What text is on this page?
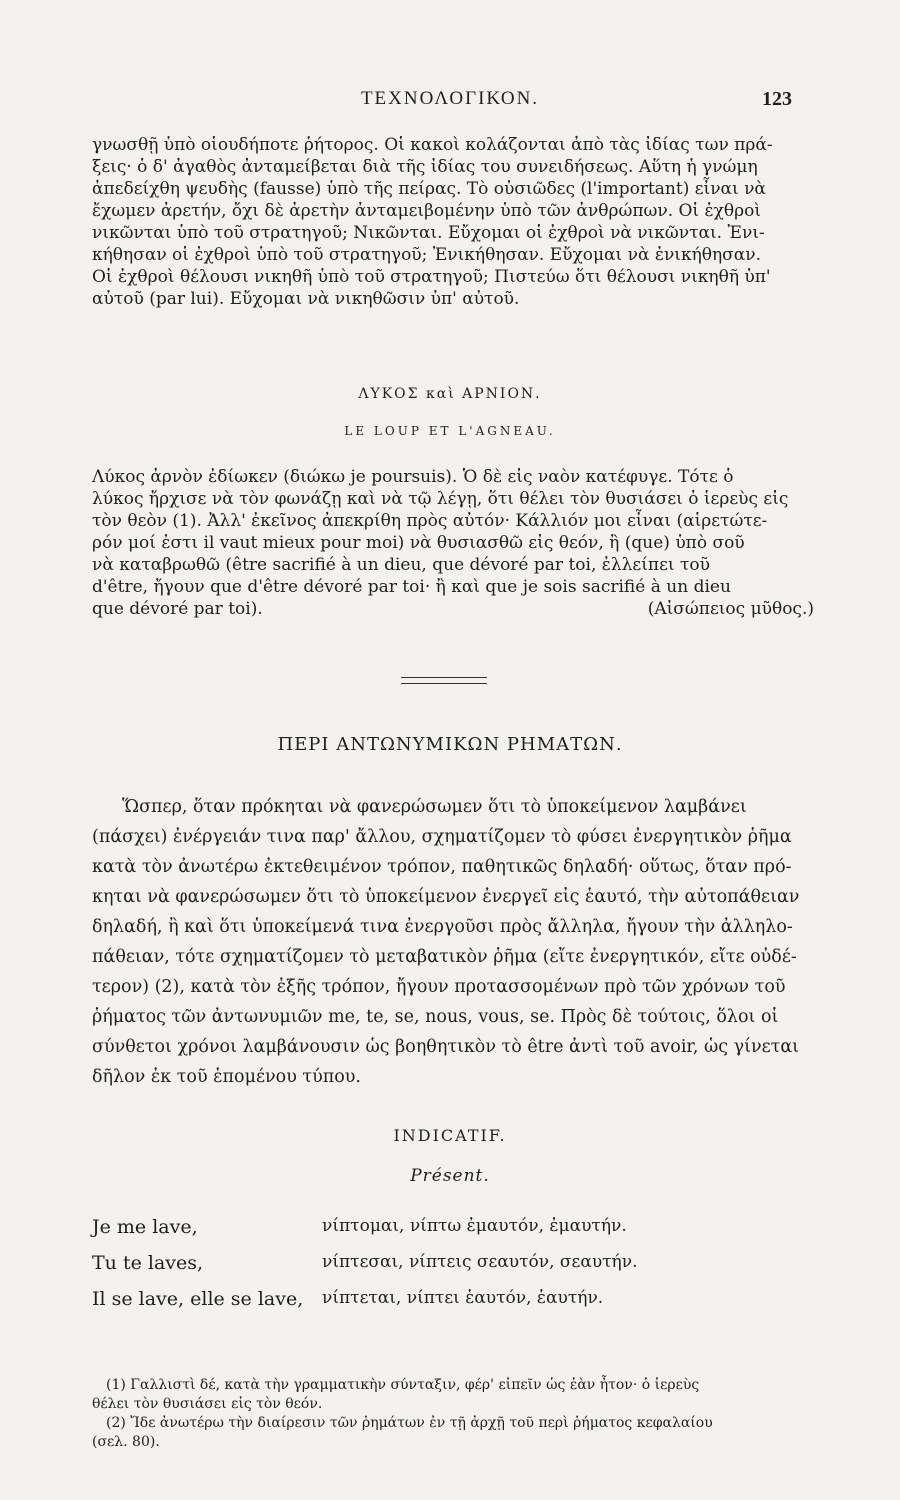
ΤΕΧΝΟΛΟΓΙΚΟΝ.	123
γνωσθῇ ὑπὸ οἱουδήποτε ῥήτορος. Οἱ κακοὶ κολάζονται ἀπὸ τὰς ἰδίας των πρά-
ξεις· ὁ δ' ἀγαθὸς ἀνταμείβεται διὰ τῆς ἰδίας του συνειδήσεως. Αὕτη ἡ γνώμη
ἀπεδείχθη ψευδὴς (fausse) ὑπὸ τῆς πείρας. Τὸ οὐσιῶδες (l'important) εἶναι νὰ
ἔχωμεν ἀρετήν, ὄχι δὲ ἀρετὴν ἀνταμειβομένην ὑπὸ τῶν ἀνθρώπων. Οἱ ἐχθροὶ
νικῶνται ὑπὸ τοῦ στρατηγοῦ; Νικῶνται. Εὔχομαι οἱ ἐχθροὶ νὰ νικῶνται. Ἐνι-
κήθησαν οἱ ἐχθροὶ ὑπὸ τοῦ στρατηγοῦ; Ἐνικήθησαν. Εὔχομαι νὰ ἐνικήθησαν.
Οἱ ἐχθροὶ θέλουσι νικηθῆ ὑπὸ τοῦ στρατηγοῦ; Πιστεύω ὅτι θέλουσι νικηθῆ ὑπ'
αὐτοῦ (par lui). Εὔχομαι νὰ νικηθῶσιν ὑπ' αὐτοῦ.
ΛΥΚΟΣ καὶ ΑΡΝΙΟΝ.
LE LOUP ET L'AGNEAU.
Λύκος ἀρνὸν ἐδίωκεν (διώκω je poursuis). Ὁ δὲ εἰς ναὸν κατέφυγε. Τότε ὁ
λύκος ἤρχισε νὰ τὸν φωνάζῃ καὶ νὰ τῷ λέγῃ, ὅτι θέλει τὸν θυσιάσει ὁ ἱερεὺς εἰς
τὸν θεὸν (1). Ἀλλ' ἐκεῖνος ἀπεκρίθη πρὸς αὐτόν· Κάλλιόν μοι εἶναι (αἱρετώτε-
ρόν μοί ἐστι il vaut mieux pour moi) νὰ θυσιασθῶ εἰς θεόν, ἢ (que) ὑπὸ σοῦ
νὰ καταβρωθῶ (être sacrifié à un dieu, que dévoré par toi, ἐλλείπει τοῦ
d'être, ἤγουν que d'être dévoré par toi· ἢ καὶ que je sois sacrifié à un dieu
que dévoré par toi).	(Αἰσώπειος μῦθος.)
ΠΕΡΙ ΑΝΤΩΝΥΜΙΚΩΝ ΡΗΜΑΤΩΝ.
Ὥσπερ, ὅταν πρόκηται νὰ φανερώσωμεν ὅτι τὸ ὑποκείμενον λαμβάνει
(πάσχει) ἐνέργειάν τινα παρ' ἄλλου, σχηματίζομεν τὸ φύσει ἐνεργητικὸν ῥῆμα
κατὰ τὸν ἀνωτέρω ἐκτεθειμένον τρόπον, παθητικῶς δηλαδή· οὕτως, ὅταν πρό-
κηται νὰ φανερώσωμεν ὅτι τὸ ὑποκείμενον ἐνεργεῖ εἰς ἑαυτό, τὴν αὐτοπάθειαν
δηλαδή, ἢ καὶ ὅτι ὑποκείμενά τινα ἐνεργοῦσι πρὸς ἄλληλα, ἤγουν τὴν ἀλληλο-
πάθειαν, τότε σχηματίζομεν τὸ μεταβατικὸν ῥῆμα (εἴτε ἐνεργητικόν, εἴτε οὐδέ-
τερον) (2), κατὰ τὸν ἑξῆς τρόπον, ἤγουν προτασσομένων πρὸ τῶν χρόνων τοῦ
ῥήματος τῶν ἀντωνυμιῶν me, te, se, nous, vous, se. Πρὸς δὲ τούτοις, ὅλοι οἱ
σύνθετοι χρόνοι λαμβάνουσιν ὡς βοηθητικὸν τὸ être ἀντὶ τοῦ avoir, ὡς γίνεται
δῆλον ἐκ τοῦ ἑπομένου τύπου.
INDICATIF.
Présent.
Je me lave,	νίπτομαι, νίπτω ἐμαυτόν, ἐμαυτήν.
Tu te laves,	νίπτεσαι, νίπτεις σεαυτόν, σεαυτήν.
Il se lave, elle se lave, νίπτεται, νίπτει ἑαυτόν, ἑαυτήν.
(1) Γαλλιστὶ δέ, κατὰ τὴν γραμματικὴν σύνταξιν, φέρ' εἰπεῖν ὡς ἐὰν ἦτον· ὁ ἱερεὺς
θέλει τὸν θυσιάσει εἰς τὸν θεόν.
(2) Ἴδε ἀνωτέρω τὴν διαίρεσιν τῶν ῥημάτων ἐν τῇ ἀρχῇ τοῦ περὶ ῥήματος κεφαλαίου
(σελ. 80).
